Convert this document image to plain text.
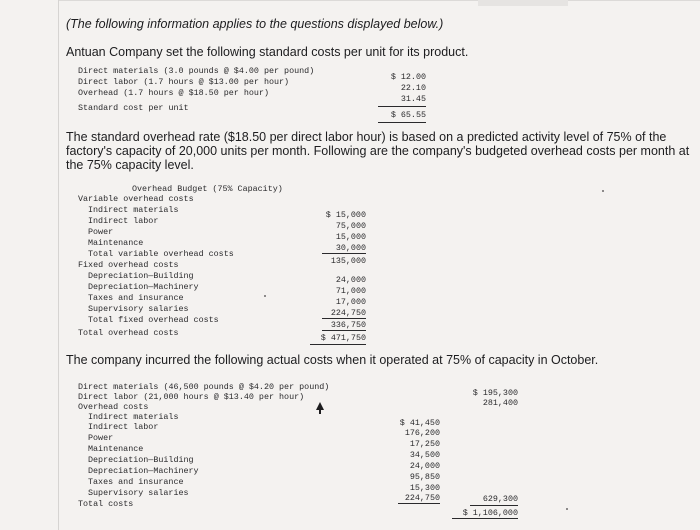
(The following information applies to the questions displayed below.)
Antuan Company set the following standard costs per unit for its product.
Direct materials (3.0 pounds @ $4.00 per pound)
Direct labor (1.7 hours @ $13.00 per hour)
Overhead (1.7 hours @ $18.50 per hour)
Standard cost per unit
$ 12.00
22.10
31.45
$ 65.55
The standard overhead rate ($18.50 per direct labor hour) is based on a predicted activity level of 75% of the factory's capacity of 20,000 units per month. Following are the company's budgeted overhead costs per month at the 75% capacity level.
Overhead Budget (75% Capacity)
Variable overhead costs
Indirect materials
Indirect labor
Power
Maintenance
Total variable overhead costs
$ 15,000
75,000
15,000
30,000
135,000
Fixed overhead costs
Depreciation—Building
Depreciation—Machinery
Taxes and insurance
Supervisory salaries
Total fixed overhead costs
24,000
71,000
17,000
224,750
336,750
Total overhead costs	$ 471,750
The company incurred the following actual costs when it operated at 75% of capacity in October.
Direct materials (46,500 pounds @ $4.20 per pound)
Direct labor (21,000 hours @ $13.40 per hour)
Overhead costs
$ 195,300
281,400
Indirect materials
Indirect labor
Power
Maintenance
Depreciation—Building
Depreciation—Machinery
Taxes and insurance
Supervisory salaries
$ 41,450
176,200
17,250
34,500
24,000
95,850
15,300
224,750	629,300
Total costs
$ 1,106,000
